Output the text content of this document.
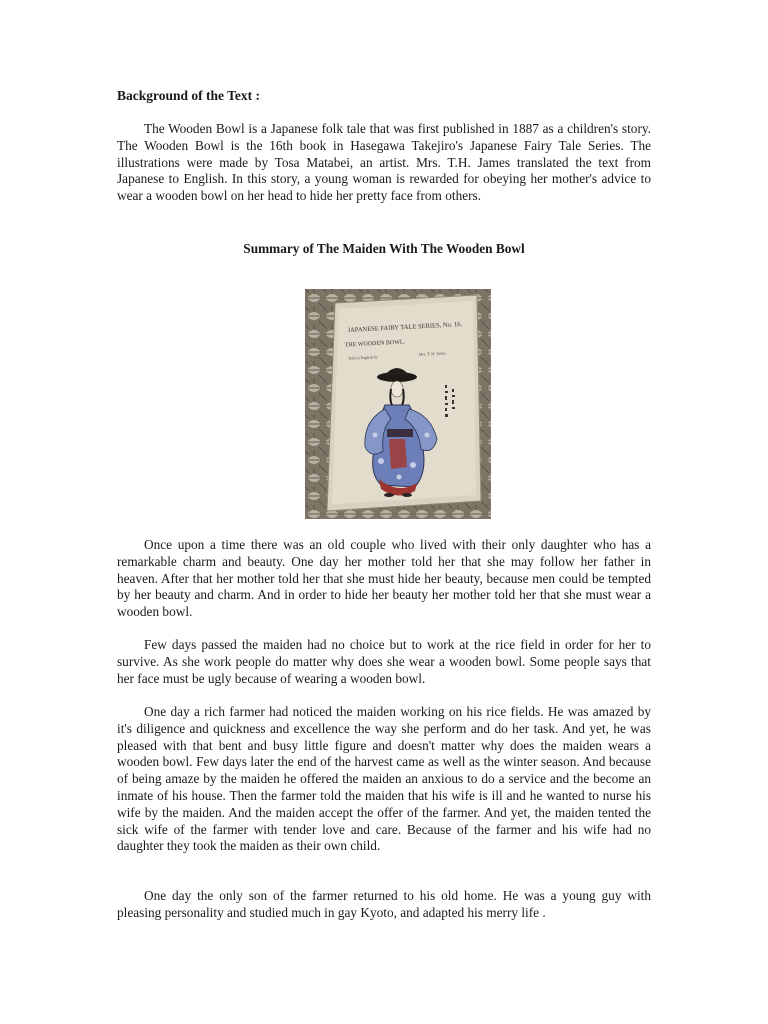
Background of the Text :

The Wooden Bowl is a Japanese folk tale that was first published in 1887 as a children's story. The Wooden Bowl is the 16th book in Hasegawa Takejiro's Japanese Fairy Tale Series. The illustrations were made by Tosa Matabei, an artist. Mrs. T.H. James translated the text from Japanese to English. In this story, a young woman is rewarded for obeying her mother's advice to wear a wooden bowl on her head to hide her pretty face from others.

Summary of The Maiden With The Wooden Bowl
JAPANESE FAIRY TALE SERIES, No. 16.
THE WOODEN BOWL.
Told in English by
Mrs. T. H. James.

Once upon a time there was an old couple who lived with their only daughter who has a remarkable charm and beauty. One day her mother told her that she may follow her father in heaven. After that her mother told her that she must hide her beauty, because men could be tempted by her beauty and charm. And in order to hide her beauty her mother told her that she must wear a wooden bowl.

Few days passed the maiden had no choice but to work at the rice field in order for her to survive. As she work people do matter why does she wear a wooden bowl. Some people says that her face must be ugly because of wearing a wooden bowl.

One day a rich farmer had noticed the maiden working on his rice fields. He was amazed by it's diligence and quickness and excellence the way she perform and do her task. And yet, he was pleased with that bent and busy little figure and doesn't matter why does the maiden wears a wooden bowl. Few days later the end of the harvest came as well as the winter season. And because of being amaze by the maiden he offered the maiden an anxious to do a service and the become an inmate of his house. Then the farmer told the maiden that his wife is ill and he wanted to nurse his wife by the maiden. And the maiden accept the offer of the farmer. And yet, the maiden tented the sick wife of the farmer with tender love and care. Because of the farmer and his wife had no daughter they took the maiden as their own child.

One day the only son of the farmer returned to his old home. He was a young guy with pleasing personality and studied much in gay Kyoto, and adapted his merry life .
